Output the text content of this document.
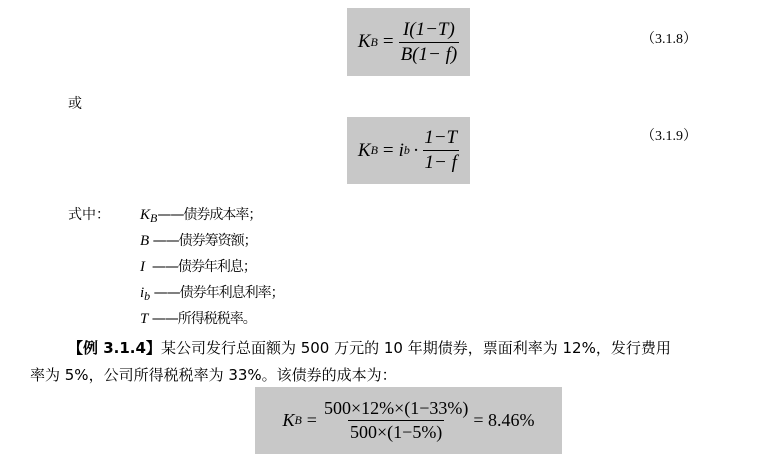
K $B = \frac{I(1-T)}{B(1- f)}$	（3.1.8）
或
K B = i $b \cdot \frac{1-T}{1- f}$	（3.1.9）
式中： $K_B——$债券成本率；
B ——债券筹资额；
I  ——债券年利息；
$i_b$ ——债券年利息利率；
T ——所得税税率。
【例 3.1.4】某公司发行总面额为 500 万元的 10 年期债券，票面利率为 12%，发行费用
率为 5%，公司所得税税率为 33%。该债券的成本为：
K $B = \frac{500\times 12\%\times(1-33\%)}{500\times(1-5\%)} = 8.46\%$
